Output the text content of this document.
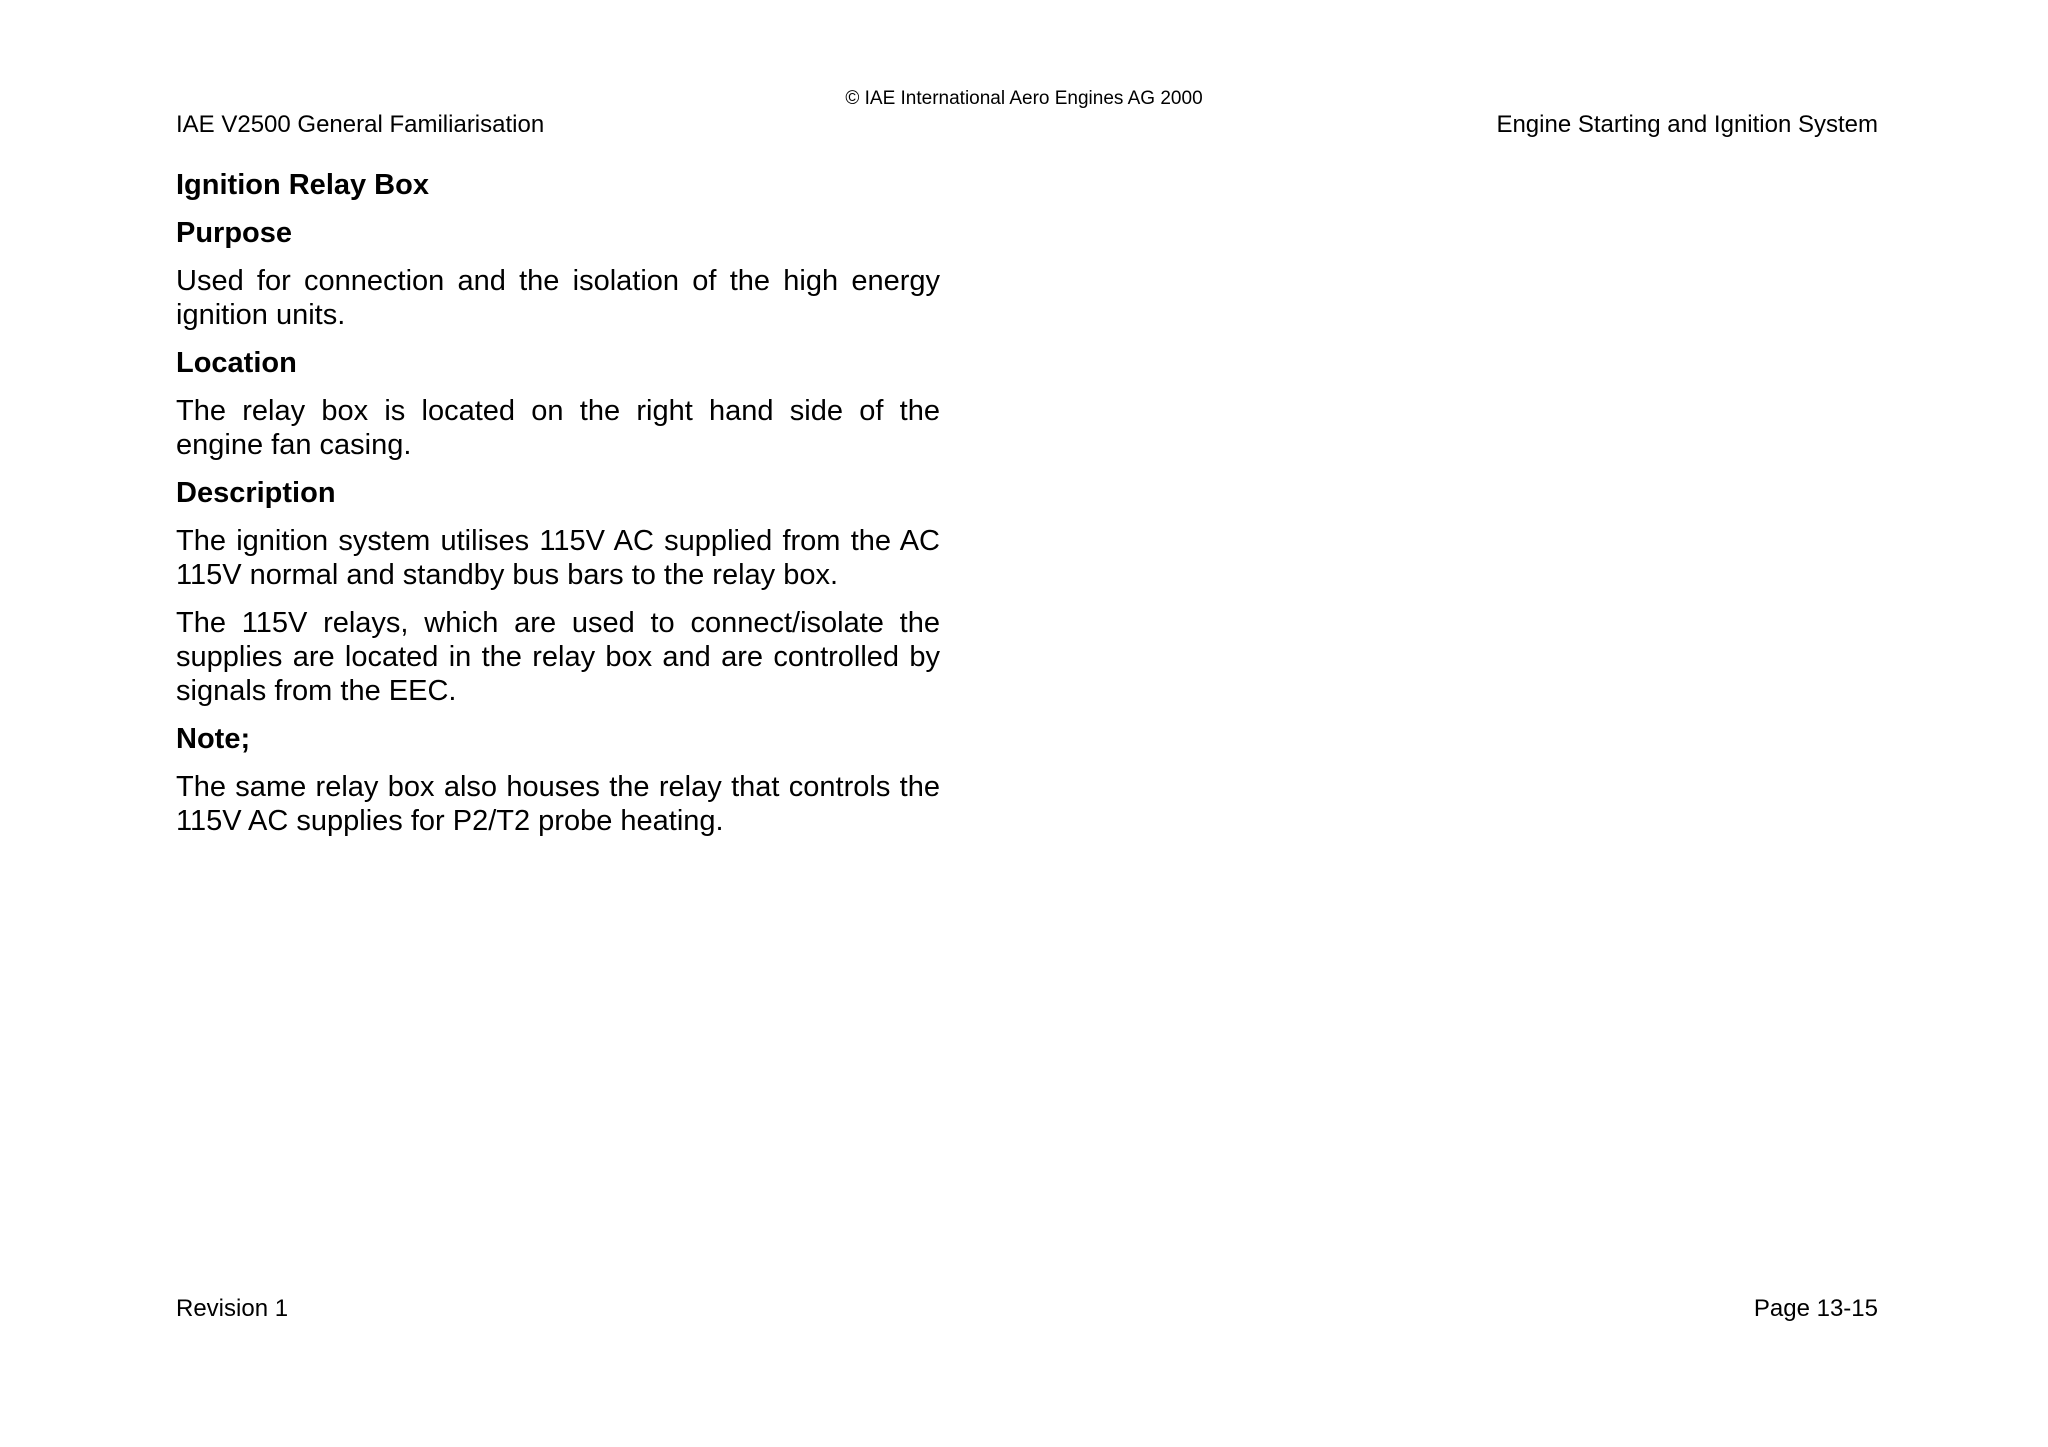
© IAE International Aero Engines AG 2000
IAE V2500 General Familiarisation	Engine Starting and Ignition System
Ignition Relay Box
Purpose

Used for connection and the isolation of the high energy ignition units.

Location

The relay box is located on the right hand side of the engine fan casing.

Description

The ignition system utilises 115V AC supplied from the AC 115V normal and standby bus bars to the relay box.

The 115V relays, which are used to connect/isolate the supplies are located in the relay box and are controlled by signals from the EEC.

Note;

The same relay box also houses the relay that controls the 115V AC supplies for P2/T2 probe heating.

Revision 1	Page 13-15
